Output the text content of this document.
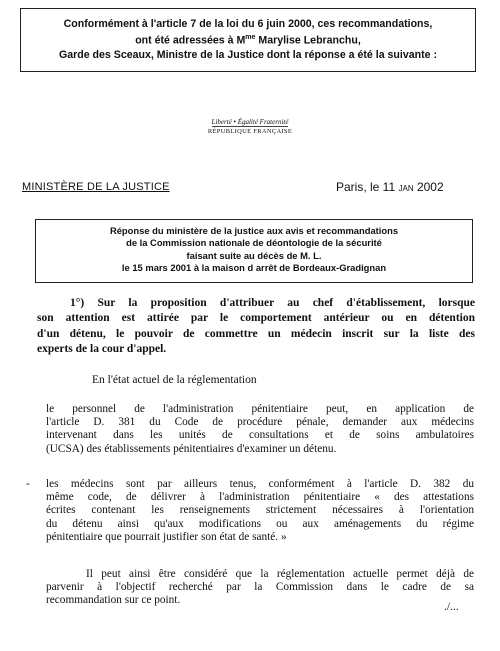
Conformément à l'article 7 de la loi du 6 juin 2000, ces recommandations,
ont été adressées à $M^{me}$ Marylise Lebranchu,
Garde des Sceaux, Ministre de la Justice dont la réponse a été la suivante :
Liberté • Égalité Fraternité
RÉPUBLIQUE FRANÇAISE
MINISTÈRE DE LA JUSTICE	Paris, le 11 JAN 2002
Réponse du ministère de la justice aux avis et recommandations
de la Commission nationale de déontologie de la sécurité
faisant suite au décès de M. L.
le 15 mars 2001 à la maison d arrêt de Bordeaux-Gradignan
1°) Sur la proposition d'attribuer au chef d'établissement, lorsque
son attention est attirée par le comportement antérieur ou en détention
d'un détenu, le pouvoir de commettre un médecin inscrit sur la liste des
experts de la cour d'appel.
En l'état actuel de la réglementation
le personnel de l'administration pénitentiaire peut, en application de
l'article D. 381 du Code de procédure pénale, demander aux médecins
intervenant dans les unités de consultations et de soins ambulatoires
(UCSA) des établissements pénitentiaires d'examiner un détenu.
- les médecins sont par ailleurs tenus, conformément à l'article D. 382 du
même code, de délivrer à l'administration pénitentiaire « des attestations
écrites contenant les renseignements strictement nécessaires à l'orientation
du détenu ainsi qu'aux modifications ou aux aménagements du régime
pénitentiaire que pourrait justifier son état de santé. »
Il peut ainsi être considéré que la réglementation actuelle permet déjà de
parvenir à l'objectif recherché par la Commission dans le cadre de sa
recommandation sur ce point.
./...
